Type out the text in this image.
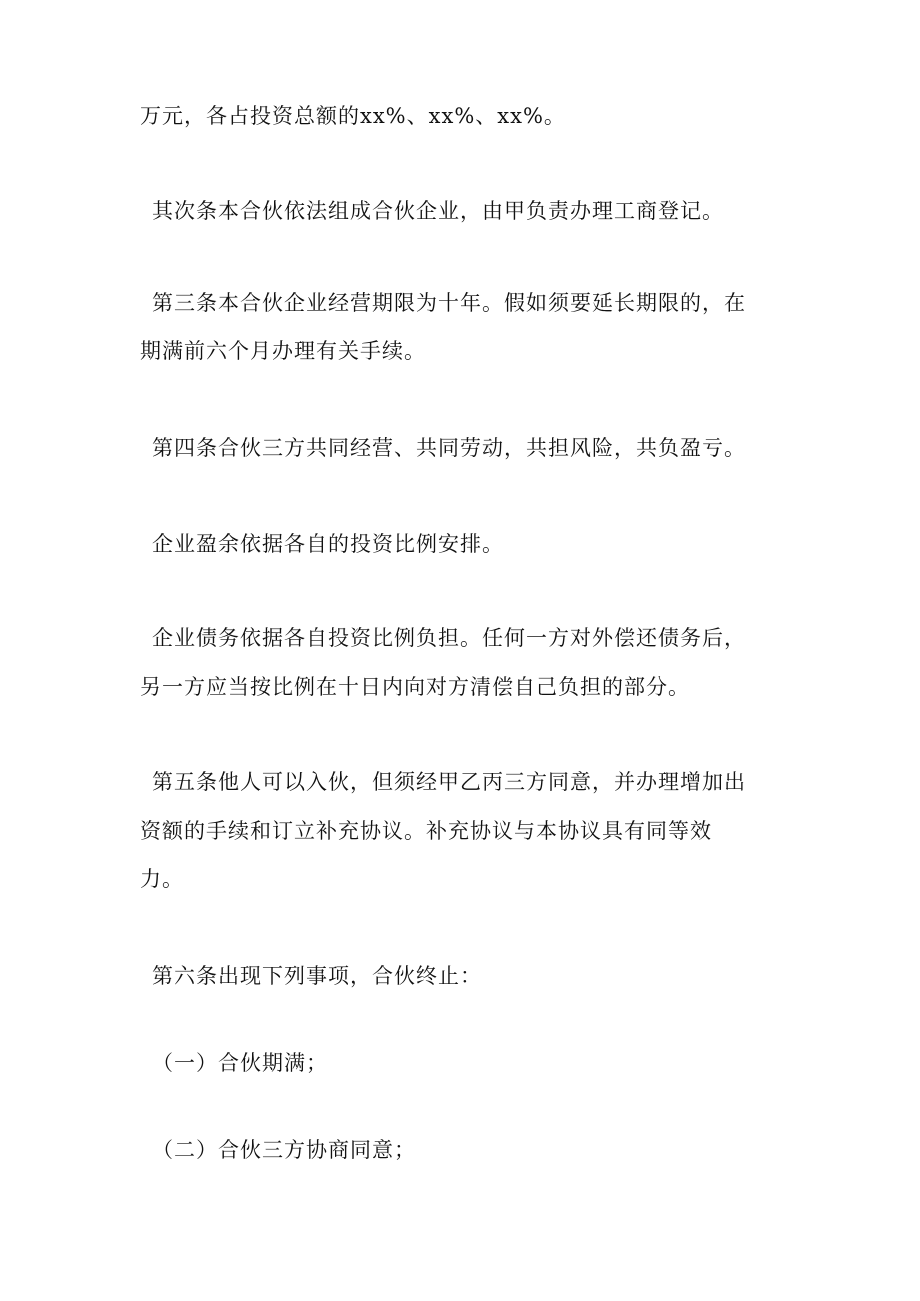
万元，各占投资总额的xx%、xx%、xx%。
其次条本合伙依法组成合伙企业，由甲负责办理工商登记。
第三条本合伙企业经营期限为十年。假如须要延长期限的，在
期满前六个月办理有关手续。
第四条合伙三方共同经营、共同劳动，共担风险，共负盈亏。
企业盈余依据各自的投资比例安排。
企业债务依据各自投资比例负担。任何一方对外偿还债务后，
另一方应当按比例在十日内向对方清偿自己负担的部分。
第五条他人可以入伙，但须经甲乙丙三方同意，并办理增加出
资额的手续和订立补充协议。补充协议与本协议具有同等效
力。
第六条出现下列事项，合伙终止：
（一）合伙期满；
（二）合伙三方协商同意；
